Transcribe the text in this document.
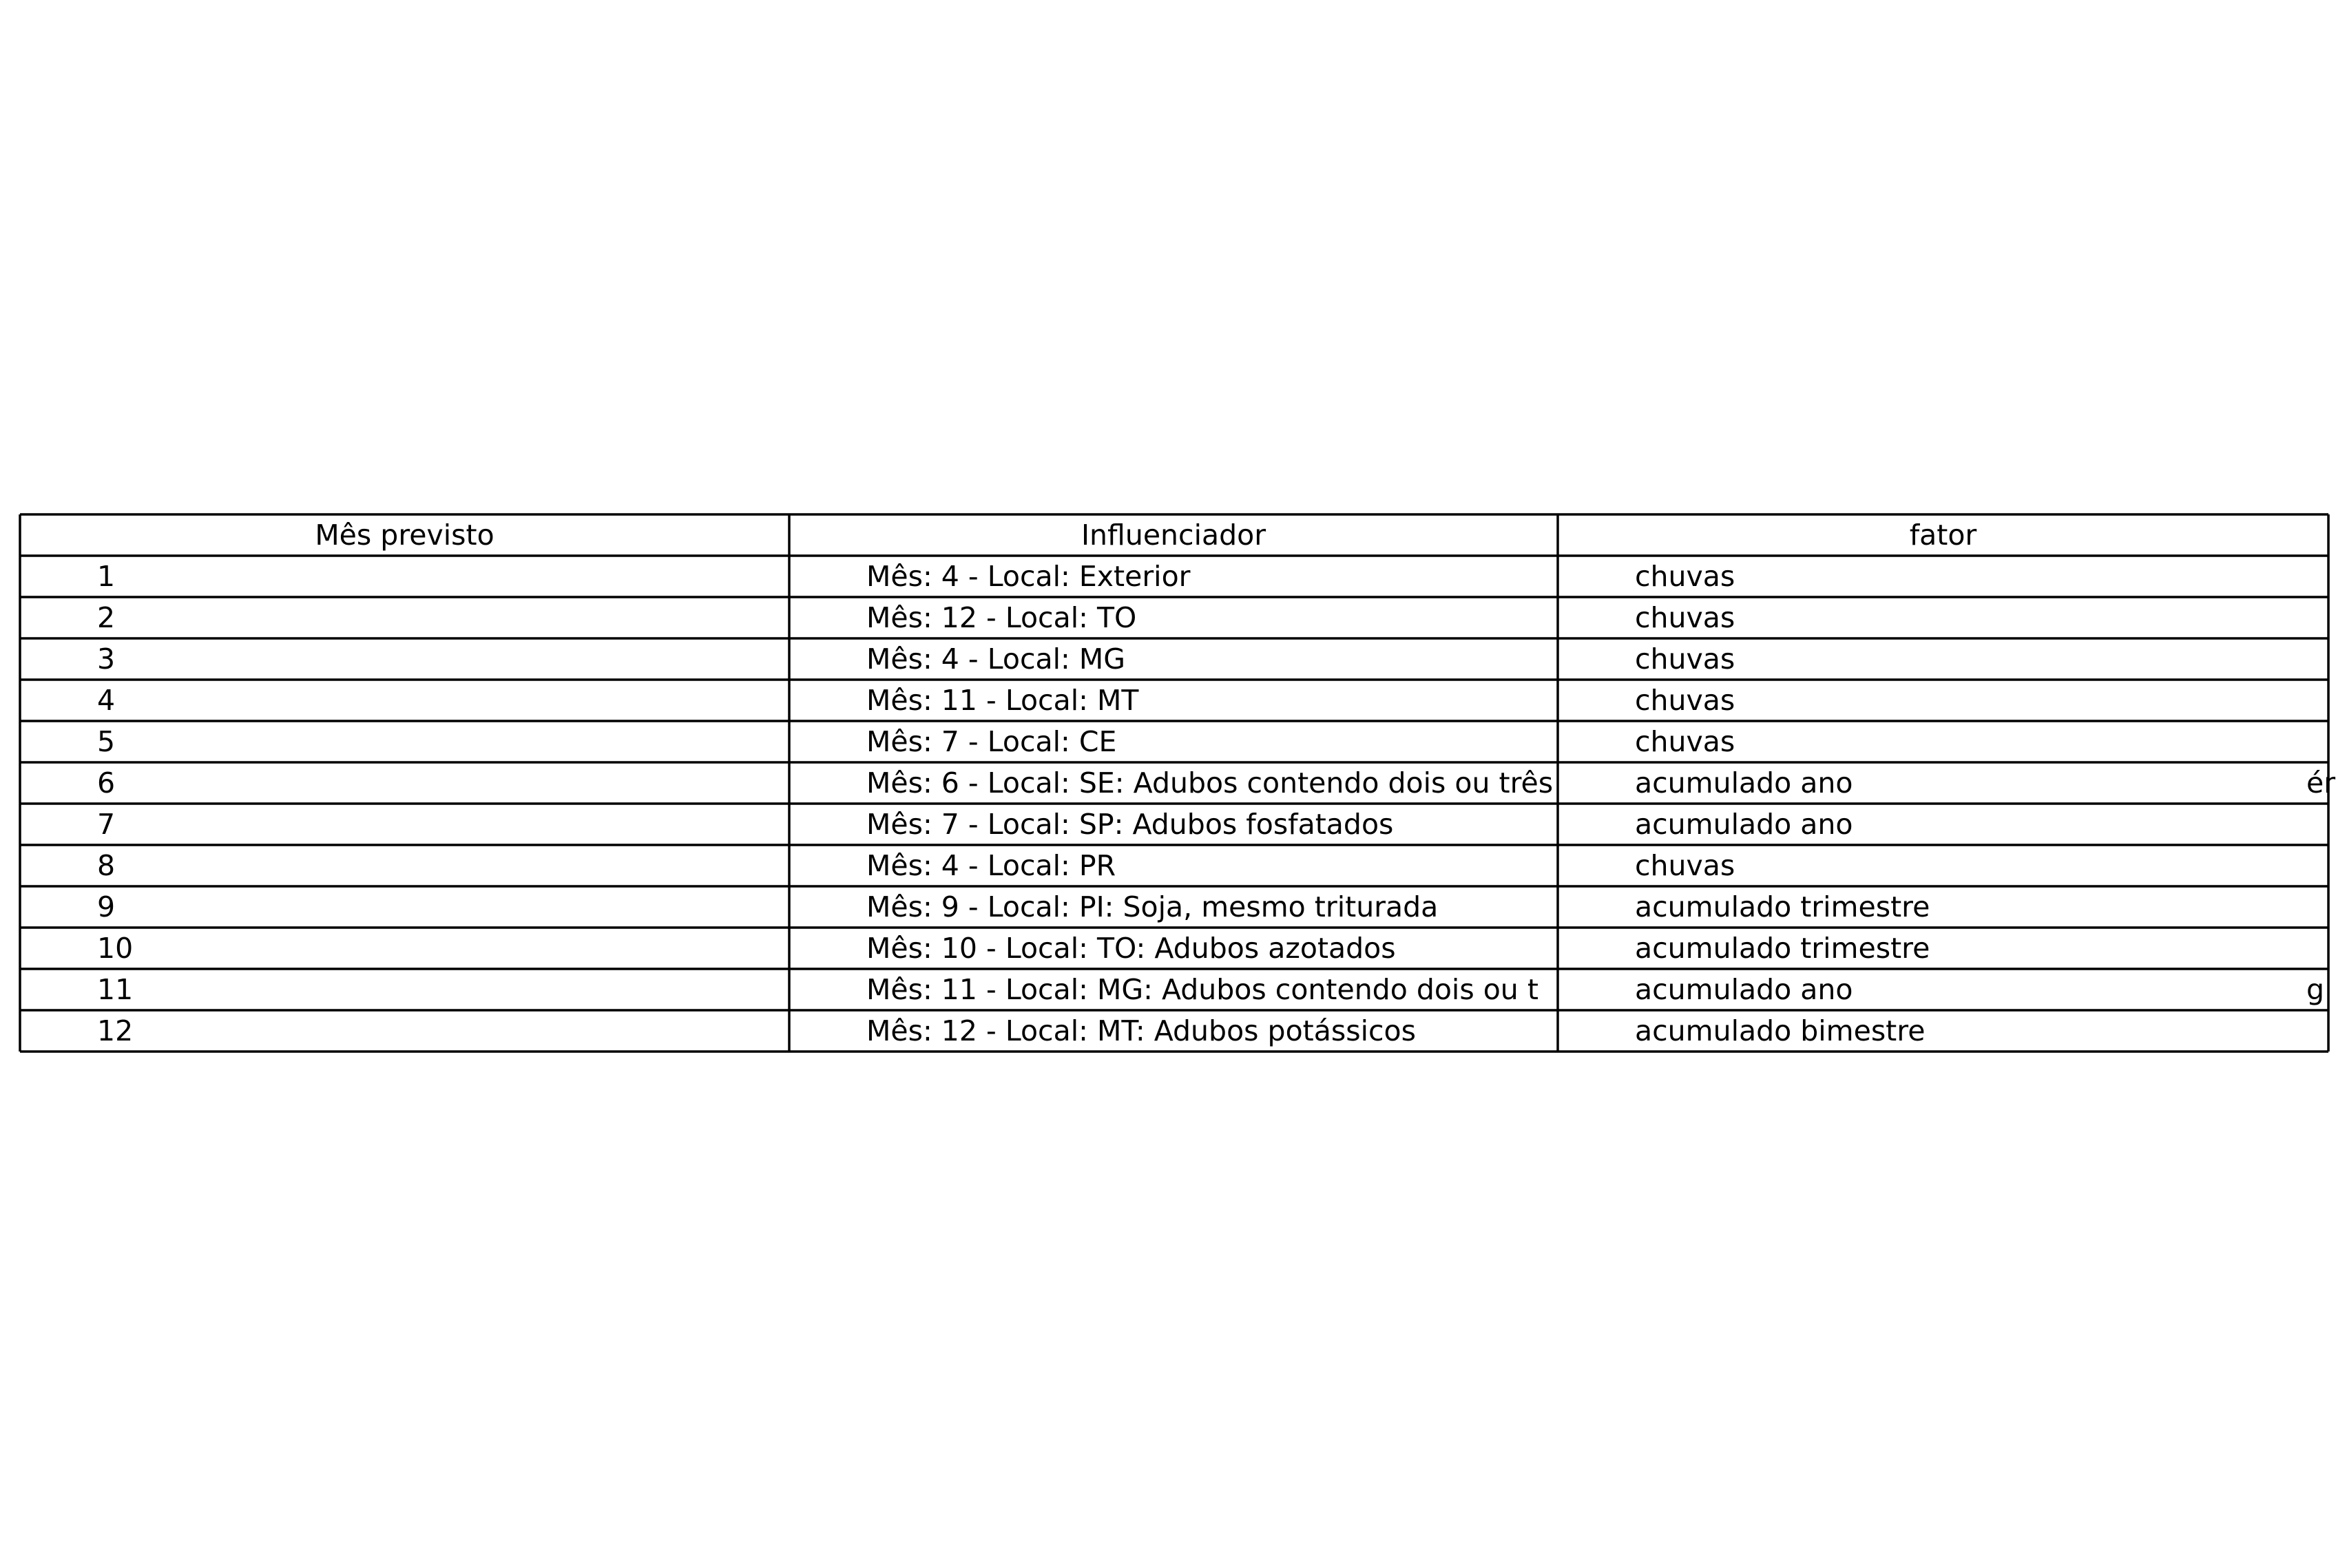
Mês previsto	Influenciador	fator
1	Mês: 4 - Local: Exterior	chuvas
2	Mês: 12 - Local: TO	chuvas
3	Mês: 4 - Local: MG	chuvas
4	Mês: 11 - Local: MT	chuvas
5	Mês: 7 - Local: CE	chuvas
6	Mês: 6 - Local: SE: Adubos contendo dois ou três	acumulado ano
7	Mês: 7 - Local: SP: Adubos fosfatados	acumulado ano
8	Mês: 4 - Local: PR	chuvas
9	Mês: 9 - Local: PI: Soja, mesmo triturada	acumulado trimestre
10	Mês: 10 - Local: TO: Adubos azotados	acumulado trimestre
11	Mês: 11 - Local: MG: Adubos contendo dois ou t	acumulado ano
12	Mês: 12 - Local: MT: Adubos potássicos	acumulado bimestre
ér
g
